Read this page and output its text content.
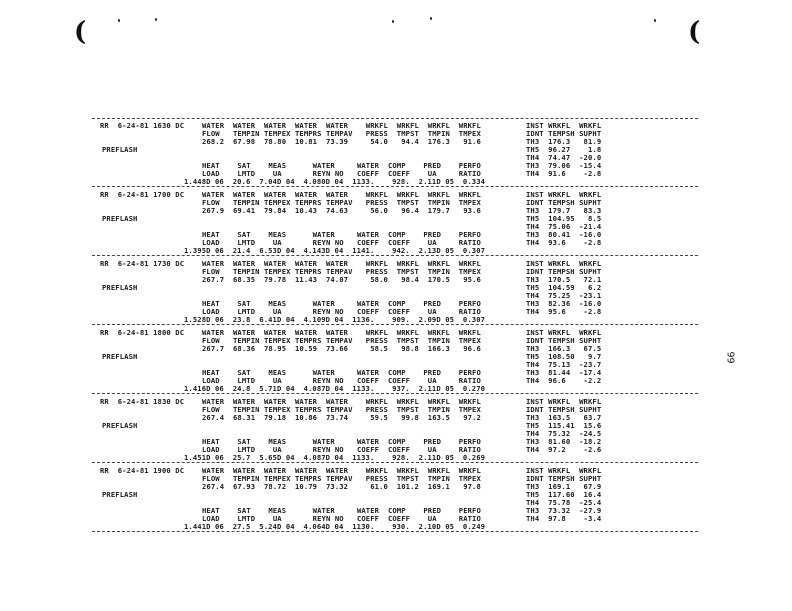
(	(
99
RR  6-24-81 1630 DC
PREFLASH
WATER  WATER  WATER  WATER  WATER    WRKFL  WRKFL  WRKFL  WRKFL
FLOW   TEMPIN TEMPEX TEMPRS TEMPAV   PRESS  TMPST  TMPIN  TMPEX
268.2  67.98  78.80  10.81  73.39     54.0   94.4  176.3   91.6
HEAT    SAT    MEAS      WATER     WATER  COMP    PRED    PERFO
LOAD    LMTD    UA       REYN NO   COEFF  COEFF    UA     RATIO
1.448D 06  20.6  7.04D 04  4.080D 04  1133.    928.  2.11D 05  0.334
INST WRKFL  WRKFL
IDNT TEMPSH SUPHT
TH3  176.3   81.9
TH5  96.27    1.8
TH4  74.47  -20.0
TH3  79.06  -15.4
TH4  91.6    -2.8
RR  6-24-81 1700 DC
PREFLASH
WATER  WATER  WATER  WATER  WATER    WRKFL  WRKFL  WRKFL  WRKFL
FLOW   TEMPIN TEMPEX TEMPRS TEMPAV   PRESS  TMPST  TMPIN  TMPEX
267.9  69.41  79.84  10.43  74.63     56.0   96.4  179.7   93.6
HEAT    SAT    MEAS      WATER     WATER  COMP    PRED    PERFO
LOAD    LMTD    UA       REYN NO   COEFF  COEFF    UA     RATIO
1.395D 06  21.4  6.53D 04  4.143D 04  1141.    942.  2.13D 05  0.307
INST WRKFL  WRKFL
IDNT TEMPSH SUPHT
TH3  179.7   83.3
TH5  104.95   8.5
TH4  75.06  -21.4
TH3  80.41  -16.0
TH4  93.6    -2.8
RR  6-24-81 1730 DC
PREFLASH
WATER  WATER  WATER  WATER  WATER    WRKFL  WRKFL  WRKFL  WRKFL
FLOW   TEMPIN TEMPEX TEMPRS TEMPAV   PRESS  TMPST  TMPIN  TMPEX
267.7  68.35  79.78  11.43  74.07     58.0   98.4  170.5   95.6
HEAT    SAT    MEAS      WATER     WATER  COMP    PRED    PERFO
LOAD    LMTD    UA       REYN NO   COEFF  COEFF    UA     RATIO
1.528D 06  23.8  6.41D 04  4.109D 04  1136.    909.  2.09D 05  0.307
INST WRKFL  WRKFL
IDNT TEMPSH SUPHT
TH3  170.5   72.1
TH5  104.59   6.2
TH4  75.25  -23.1
TH3  82.36  -16.0
TH4  95.6    -2.8
RR  6-24-81 1800 DC
PREFLASH
WATER  WATER  WATER  WATER  WATER    WRKFL  WRKFL  WRKFL  WRKFL
FLOW   TEMPIN TEMPEX TEMPRS TEMPAV   PRESS  TMPST  TMPIN  TMPEX
267.7  68.36  78.95  10.59  73.66     58.5   98.8  166.3   96.6
HEAT    SAT    MEAS      WATER     WATER  COMP    PRED    PERFO
LOAD    LMTD    UA       REYN NO   COEFF  COEFF    UA     RATIO
1.416D 06  24.8  5.71D 04  4.087D 04  1133.    937.  2.11D 05  0.270
INST WRKFL  WRKFL
IDNT TEMPSH SUPHT
TH3  166.3   67.5
TH5  108.50   9.7
TH4  75.13  -23.7
TH3  81.44  -17.4
TH4  96.6    -2.2
RR  6-24-81 1830 DC
PREFLASH
WATER  WATER  WATER  WATER  WATER    WRKFL  WRKFL  WRKFL  WRKFL
FLOW   TEMPIN TEMPEX TEMPRS TEMPAV   PRESS  TMPST  TMPIN  TMPEX
267.4  68.31  79.18  10.86  73.74     59.5   99.8  163.5   97.2
HEAT    SAT    MEAS      WATER     WATER  COMP    PRED    PERFO
LOAD    LMTD    UA       REYN NO   COEFF  COEFF    UA     RATIO
1.451D 06  25.7  5.65D 04  4.087D 04  1133.    928.  2.11D 05  0.269
INST WRKFL  WRKFL
IDNT TEMPSH SUPHT
TH3  163.5   63.7
TH5  115.41  15.6
TH4  75.32  -24.5
TH3  81.60  -18.2
TH4  97.2    -2.6
RR  6-24-81 1900 DC
PREFLASH
WATER  WATER  WATER  WATER  WATER    WRKFL  WRKFL  WRKFL  WRKFL
FLOW   TEMPIN TEMPEX TEMPRS TEMPAV   PRESS  TMPST  TMPIN  TMPEX
267.4  67.93  78.72  10.79  73.32     61.0  101.2  169.1   97.8
HEAT    SAT    MEAS      WATER     WATER  COMP    PRED    PERFO
LOAD    LMTD    UA       REYN NO   COEFF  COEFF    UA     RATIO
1.441D 06  27.5  5.24D 04  4.064D 04  1130.    930.  2.10D 05  0.249
INST WRKFL  WRKFL
IDNT TEMPSH SUPHT
TH3  169.1   67.9
TH5  117.60  16.4
TH4  75.78  -25.4
TH3  73.32  -27.9
TH4  97.8    -3.4
